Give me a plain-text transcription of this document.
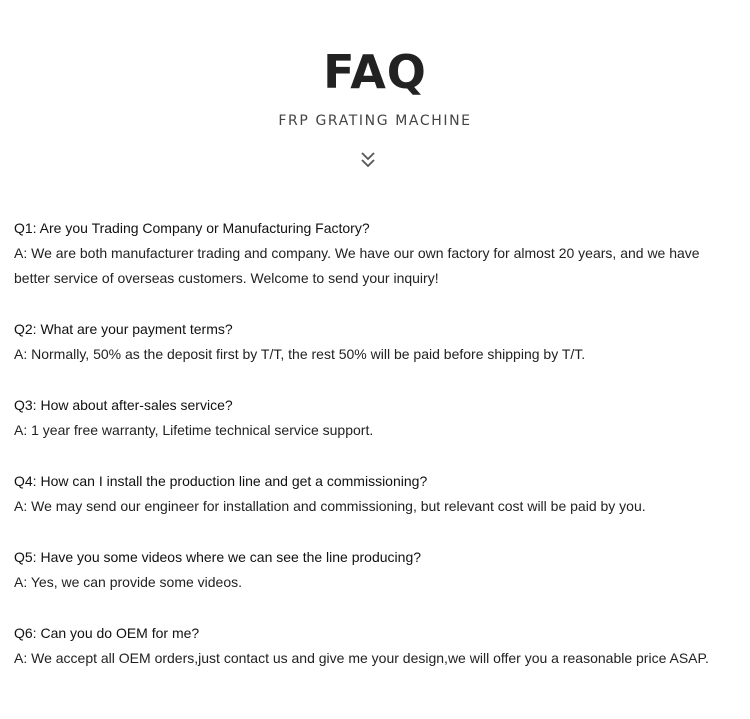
FAQ
FRP GRATING MACHINE

Q1: Are you Trading Company or Manufacturing Factory?

A: We are both manufacturer trading and company. We have our own factory for almost 20 years, and we have better service of overseas customers. Welcome to send your inquiry!

Q2: What are your payment terms?

A: Normally, 50% as the deposit first by T/T, the rest 50% will be paid before shipping by T/T.

Q3: How about after-sales service?

A: 1 year free warranty, Lifetime technical service support.

Q4: How can I install the production line and get a commissioning?

A: We may send our engineer for installation and commissioning, but relevant cost will be paid by you.

Q5: Have you some videos where we can see the line producing?

A: Yes, we can provide some videos.

Q6: Can you do OEM for me?

A: We accept all OEM orders,just contact us and give me your design,we will offer you a reasonable price ASAP.
